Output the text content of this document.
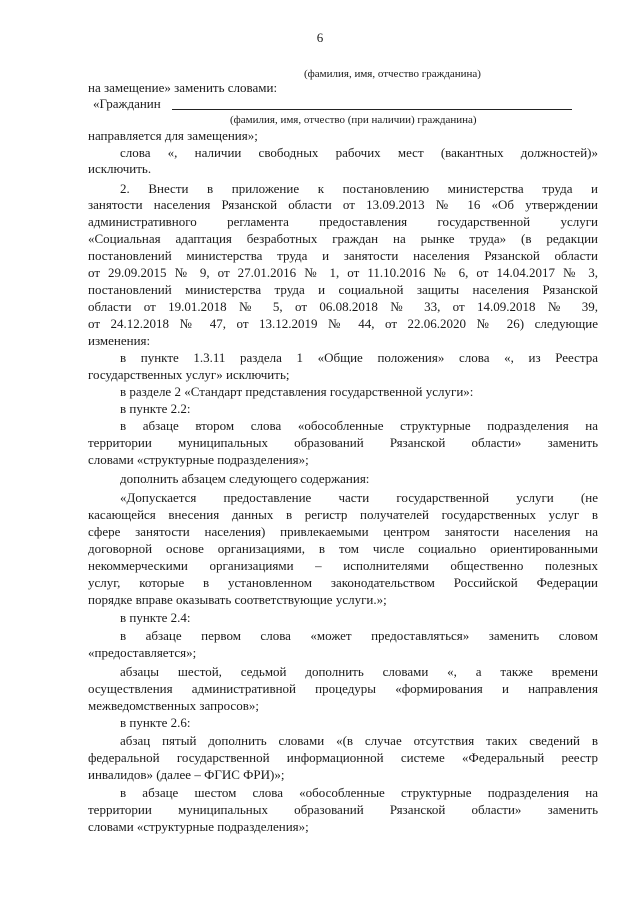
6
(фамилия, имя, отчество гражданина)
на замещение» заменить словами:
«Гражданин
(фамилия, имя, отчество (при наличии) гражданина)
направляется для замещения»;
слова «, наличии свободных рабочих мест (вакантных должностей)»
исключить.
2. Внести в приложение к постановлению министерства труда и
занятости населения Рязанской области от 13.09.2013 № 16 «Об утверждении
административного регламента предоставления государственной услуги
«Социальная адаптация безработных граждан на рынке труда» (в редакции
постановлений министерства труда и занятости населения Рязанской области
от 29.09.2015 № 9, от 27.01.2016 № 1, от 11.10.2016 № 6, от 14.04.2017 № 3,
постановлений министерства труда и социальной защиты населения Рязанской
области от 19.01.2018 № 5, от 06.08.2018 № 33, от 14.09.2018 № 39,
от 24.12.2018 № 47, от 13.12.2019 № 44, от 22.06.2020 № 26) следующие
изменения:
в пункте 1.3.11 раздела 1 «Общие положения» слова «, из Реестра
государственных услуг» исключить;
в разделе 2 «Стандарт представления государственной услуги»:
в пункте 2.2:
в абзаце втором слова «обособленные структурные подразделения на
территории муниципальных образований Рязанской области» заменить
словами «структурные подразделения»;
дополнить абзацем следующего содержания:
«Допускается предоставление части государственной услуги (не
касающейся внесения данных в регистр получателей государственных услуг в
сфере занятости населения) привлекаемыми центром занятости населения на
договорной основе организациями, в том числе социально ориентированными
некоммерческими организациями – исполнителями общественно полезных
услуг, которые в установленном законодательством Российской Федерации
порядке вправе оказывать соответствующие услуги.»;
в пункте 2.4:
в абзаце первом слова «может предоставляться» заменить словом
«предоставляется»;
абзацы шестой, седьмой дополнить словами «, а также времени
осуществления административной процедуры «формирования и направления
межведомственных запросов»;
в пункте 2.6:
абзац пятый дополнить словами «(в случае отсутствия таких сведений в
федеральной государственной информационной системе «Федеральный реестр
инвалидов» (далее – ФГИС ФРИ)»;
в абзаце шестом слова «обособленные структурные подразделения на
территории муниципальных образований Рязанской области» заменить
словами «структурные подразделения»;
